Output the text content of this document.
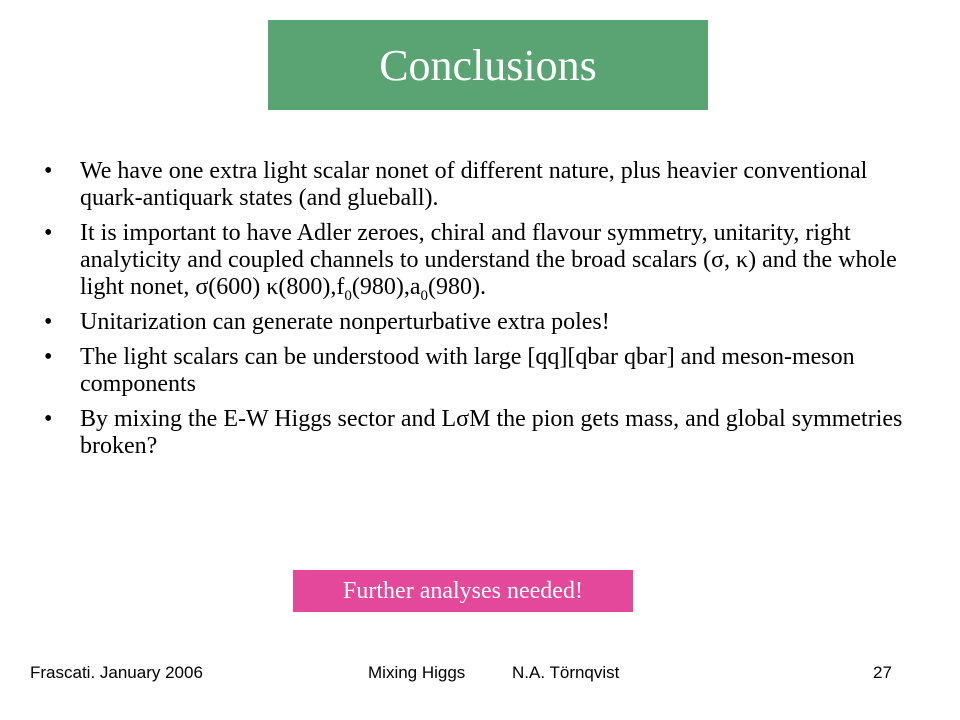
Conclusions
• We have one extra light scalar nonet of different nature, plus heavier conventional quark-antiquark states (and glueball).
• It is important to have Adler zeroes, chiral and flavour symmetry, unitarity, right analyticity and coupled channels to understand the broad scalars (σ, κ) and the whole light nonet, σ(600) $\kappa(800),f_0(980),a_0(980)$.
• Unitarization can generate nonperturbative extra poles!
• The light scalars can be understood with large [qq][qbar qbar] and meson-meson components
• By mixing the E-W Higgs sector and LσM the pion gets mass, and global symmetries broken?
Further analyses needed!
Frascati. January 2006	Mixing Higgs	N.A. Törnqvist	27
